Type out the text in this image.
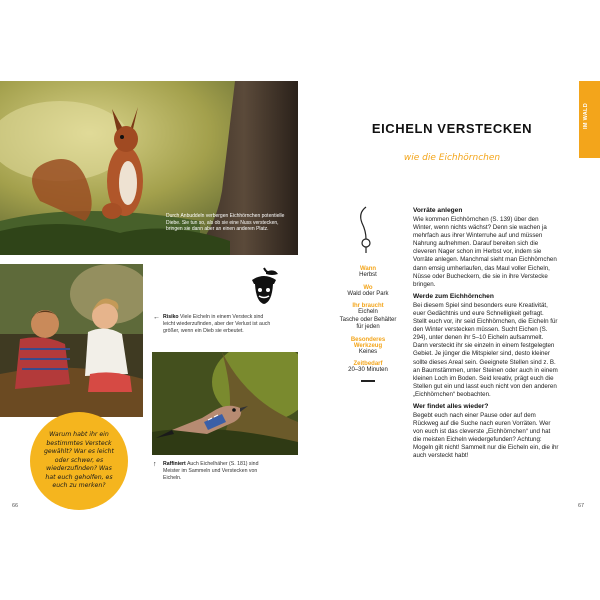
Durch Anbuddeln verbergen Eichhörnchen potentielle Diebe. Sie tun so, als ob sie eine Nuss verstecken, bringen sie dann aber an einen anderen Platz.
← Risiko Viele Eicheln in einem Versteck sind leicht wiederzufinden, aber der Verlust ist auch größer, wenn ein Dieb sie erbeutet.
↑	Raffiniert Auch Eichelhäher (S. 181) sind Meister im Sammeln und Verstecken von Eicheln.
Warum habt ihr ein bestimmtes Versteck gewählt? War es leicht oder schwer, es wiederzufinden? Was hat euch geholfen, es euch zu merken?
66
IM WALD
EICHELN VERSTECKEN
wie die Eichhörnchen
Wann
Herbst
Wo
Wald oder Park
Ihr braucht
Eicheln
Tasche oder Behälter
für jeden
Besonderes Werkzeug
Keines
Zeitbedarf
20–30 Minuten
Vorräte anlegen

Wie kommen Eichhörnchen (S. 139) über den Winter, wenn nichts wächst? Denn sie wachen ja mehrfach aus ihrer Winterruhe auf und müssen Nahrung aufnehmen. Darauf bereiten sich die cleveren Nager schon im Herbst vor, indem sie Vorräte anlegen. Manchmal sieht man Eichhörnchen dann emsig umherlaufen, das Maul voller Eicheln, Nüsse oder Bucheckern, die sie in ihre Verstecke bringen.

Werde zum Eichhörnchen

Bei diesem Spiel sind besonders eure Kreativität, euer Gedächtnis und eure Schnelligkeit gefragt. Stellt euch vor, ihr seid Eichhörnchen, die Eicheln für den Winter verstecken müssen. Sucht Eichen (S. 294), unter denen ihr 5–10 Eicheln aufsammelt. Dann versteckt ihr sie einzeln in einem festgelegten Gebiet. Je jünger die Mitspieler sind, desto kleiner sollte dieses Areal sein. Geeignete Stellen sind z. B. an Baumstämmen, unter Steinen oder auch in einem kleinen Loch im Boden. Seid kreativ, prägt euch die Stellen gut ein und lasst euch nicht von den anderen „Eichhörnchen“ beobachten.

Wer findet alles wieder?

Begebt euch nach einer Pause oder auf dem Rückweg auf die Suche nach euren Vorräten. Wer von euch ist das cleverste „Eichhörnchen“ und hat die meisten Eicheln wiedergefunden? Achtung: Mogeln gilt nicht! Sammelt nur die Eicheln ein, die ihr auch versteckt habt!

67
